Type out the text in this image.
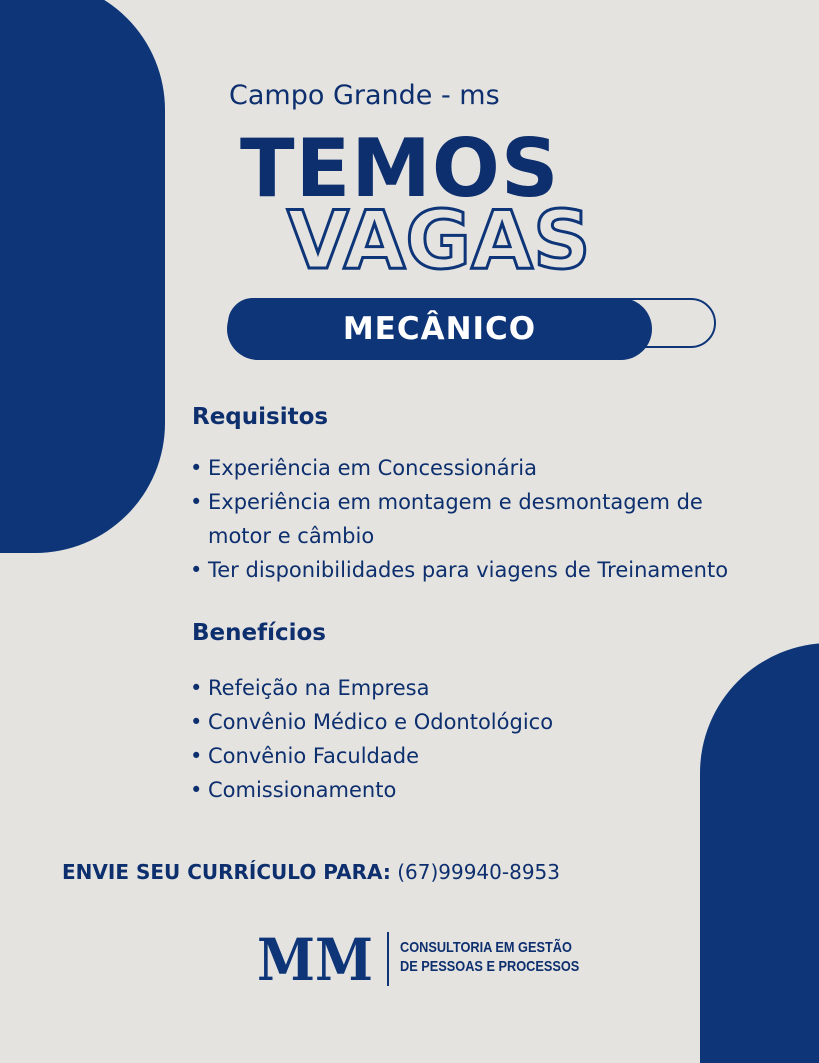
Campo Grande - ms
TEMOS
VAGAS
MECÂNICO
Requisitos
• Experiência em Concessionária
• Experiência em montagem e desmontagem de motor e câmbio
• Ter disponibilidades para viagens de Treinamento
Benefícios
• Refeição na Empresa
• Convênio Médico e Odontológico
• Convênio Faculdade
• Comissionamento
ENVIE SEU CURRÍCULO PARA: (67)99940-8953
MM CONSULTORIA EM GESTÃO
DE PESSOAS E PROCESSOS
